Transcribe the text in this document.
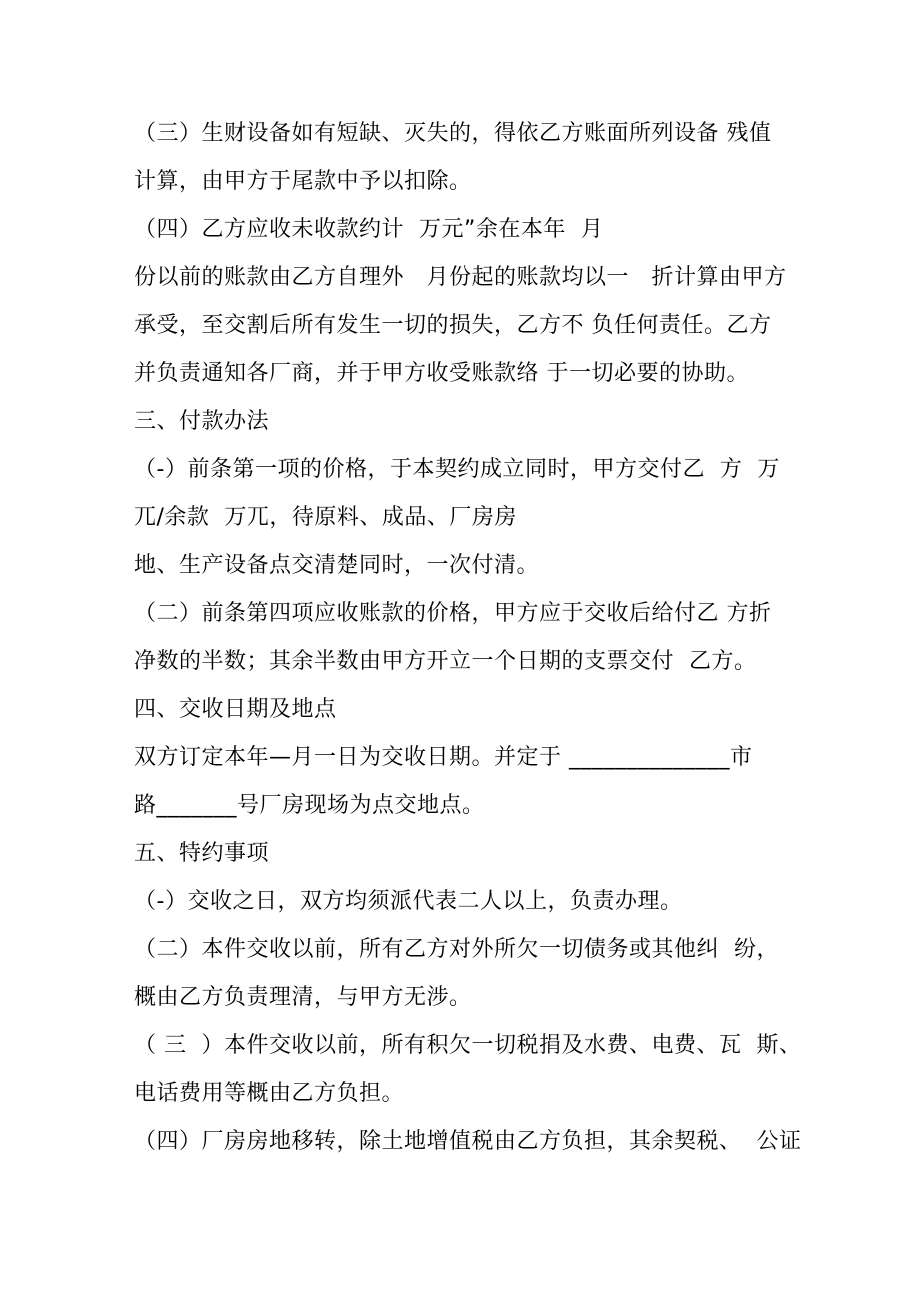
（三）生财设备如有短缺、灭失的，得依乙方账面所列设备 残值
计算，由甲方于尾款中予以扣除。
（四）乙方应收未收款约计  万元”余在本年  月
份以前的账款由乙方自理外   月份起的账款均以一   折计算由甲方
承受，至交割后所有发生一切的损失，乙方不 负任何责任。乙方
并负责通知各厂商，并于甲方收受账款络 于一切必要的协助。
三、付款办法
（-）前条第一项的价格，于本契约成立同时，甲方交付乙  方  万
兀/余款  万兀，待原料、成品、厂房房
地、生产设备点交清楚同时，一次付清。
（二）前条第四项应收账款的价格，甲方应于交收后给付乙 方折
净数的半数；其余半数由甲方开立一个日期的支票交付  乙方。
四、交收日期及地点
双方订定本年—月一日为交收日期。并定于 ______________市
路_______号厂房现场为点交地点。
五、特约事项
（-）交收之日，双方均须派代表二人以上，负责办理。
（二）本件交收以前，所有乙方对外所欠一切债务或其他纠  纷，
概由乙方负责理清，与甲方无涉。
（ 三  ）本件交收以前，所有积欠一切税捐及水费、电费、瓦  斯、
电话费用等概由乙方负担。
（四）厂房房地移转，除土地增值税由乙方负担，其余契税、  公证
